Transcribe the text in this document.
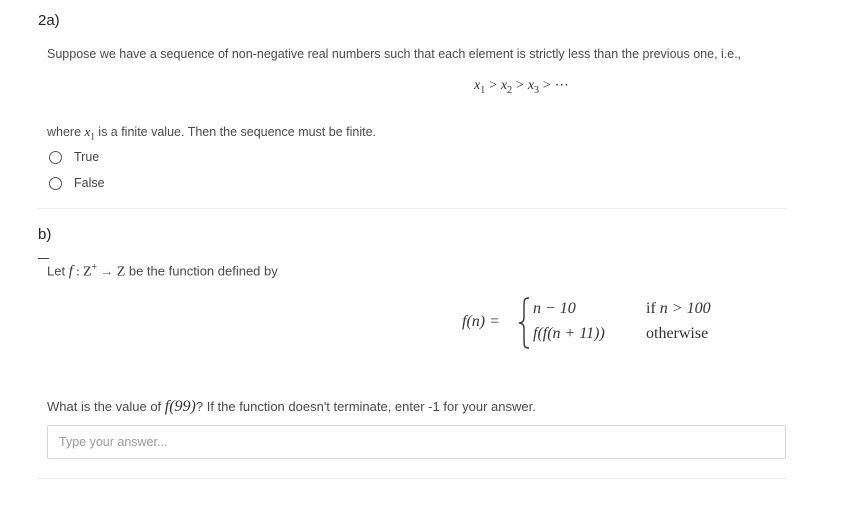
2a)
Suppose we have a sequence of non-negative real numbers such that each element is strictly less than the previous one, i.e.,
$x_1 > x_2 > x_3$ > ⋯
where $x_1$ is a finite value. Then the sequence must be finite.
True
False
b)
Let f : Z+ → Z be the function defined by
f(n) =
n − 10	if n > 100
f(f(n + 11))	otherwise
What is the value of f(99)? If the function doesn't terminate, enter -1 for your answer.
Type your answer...
